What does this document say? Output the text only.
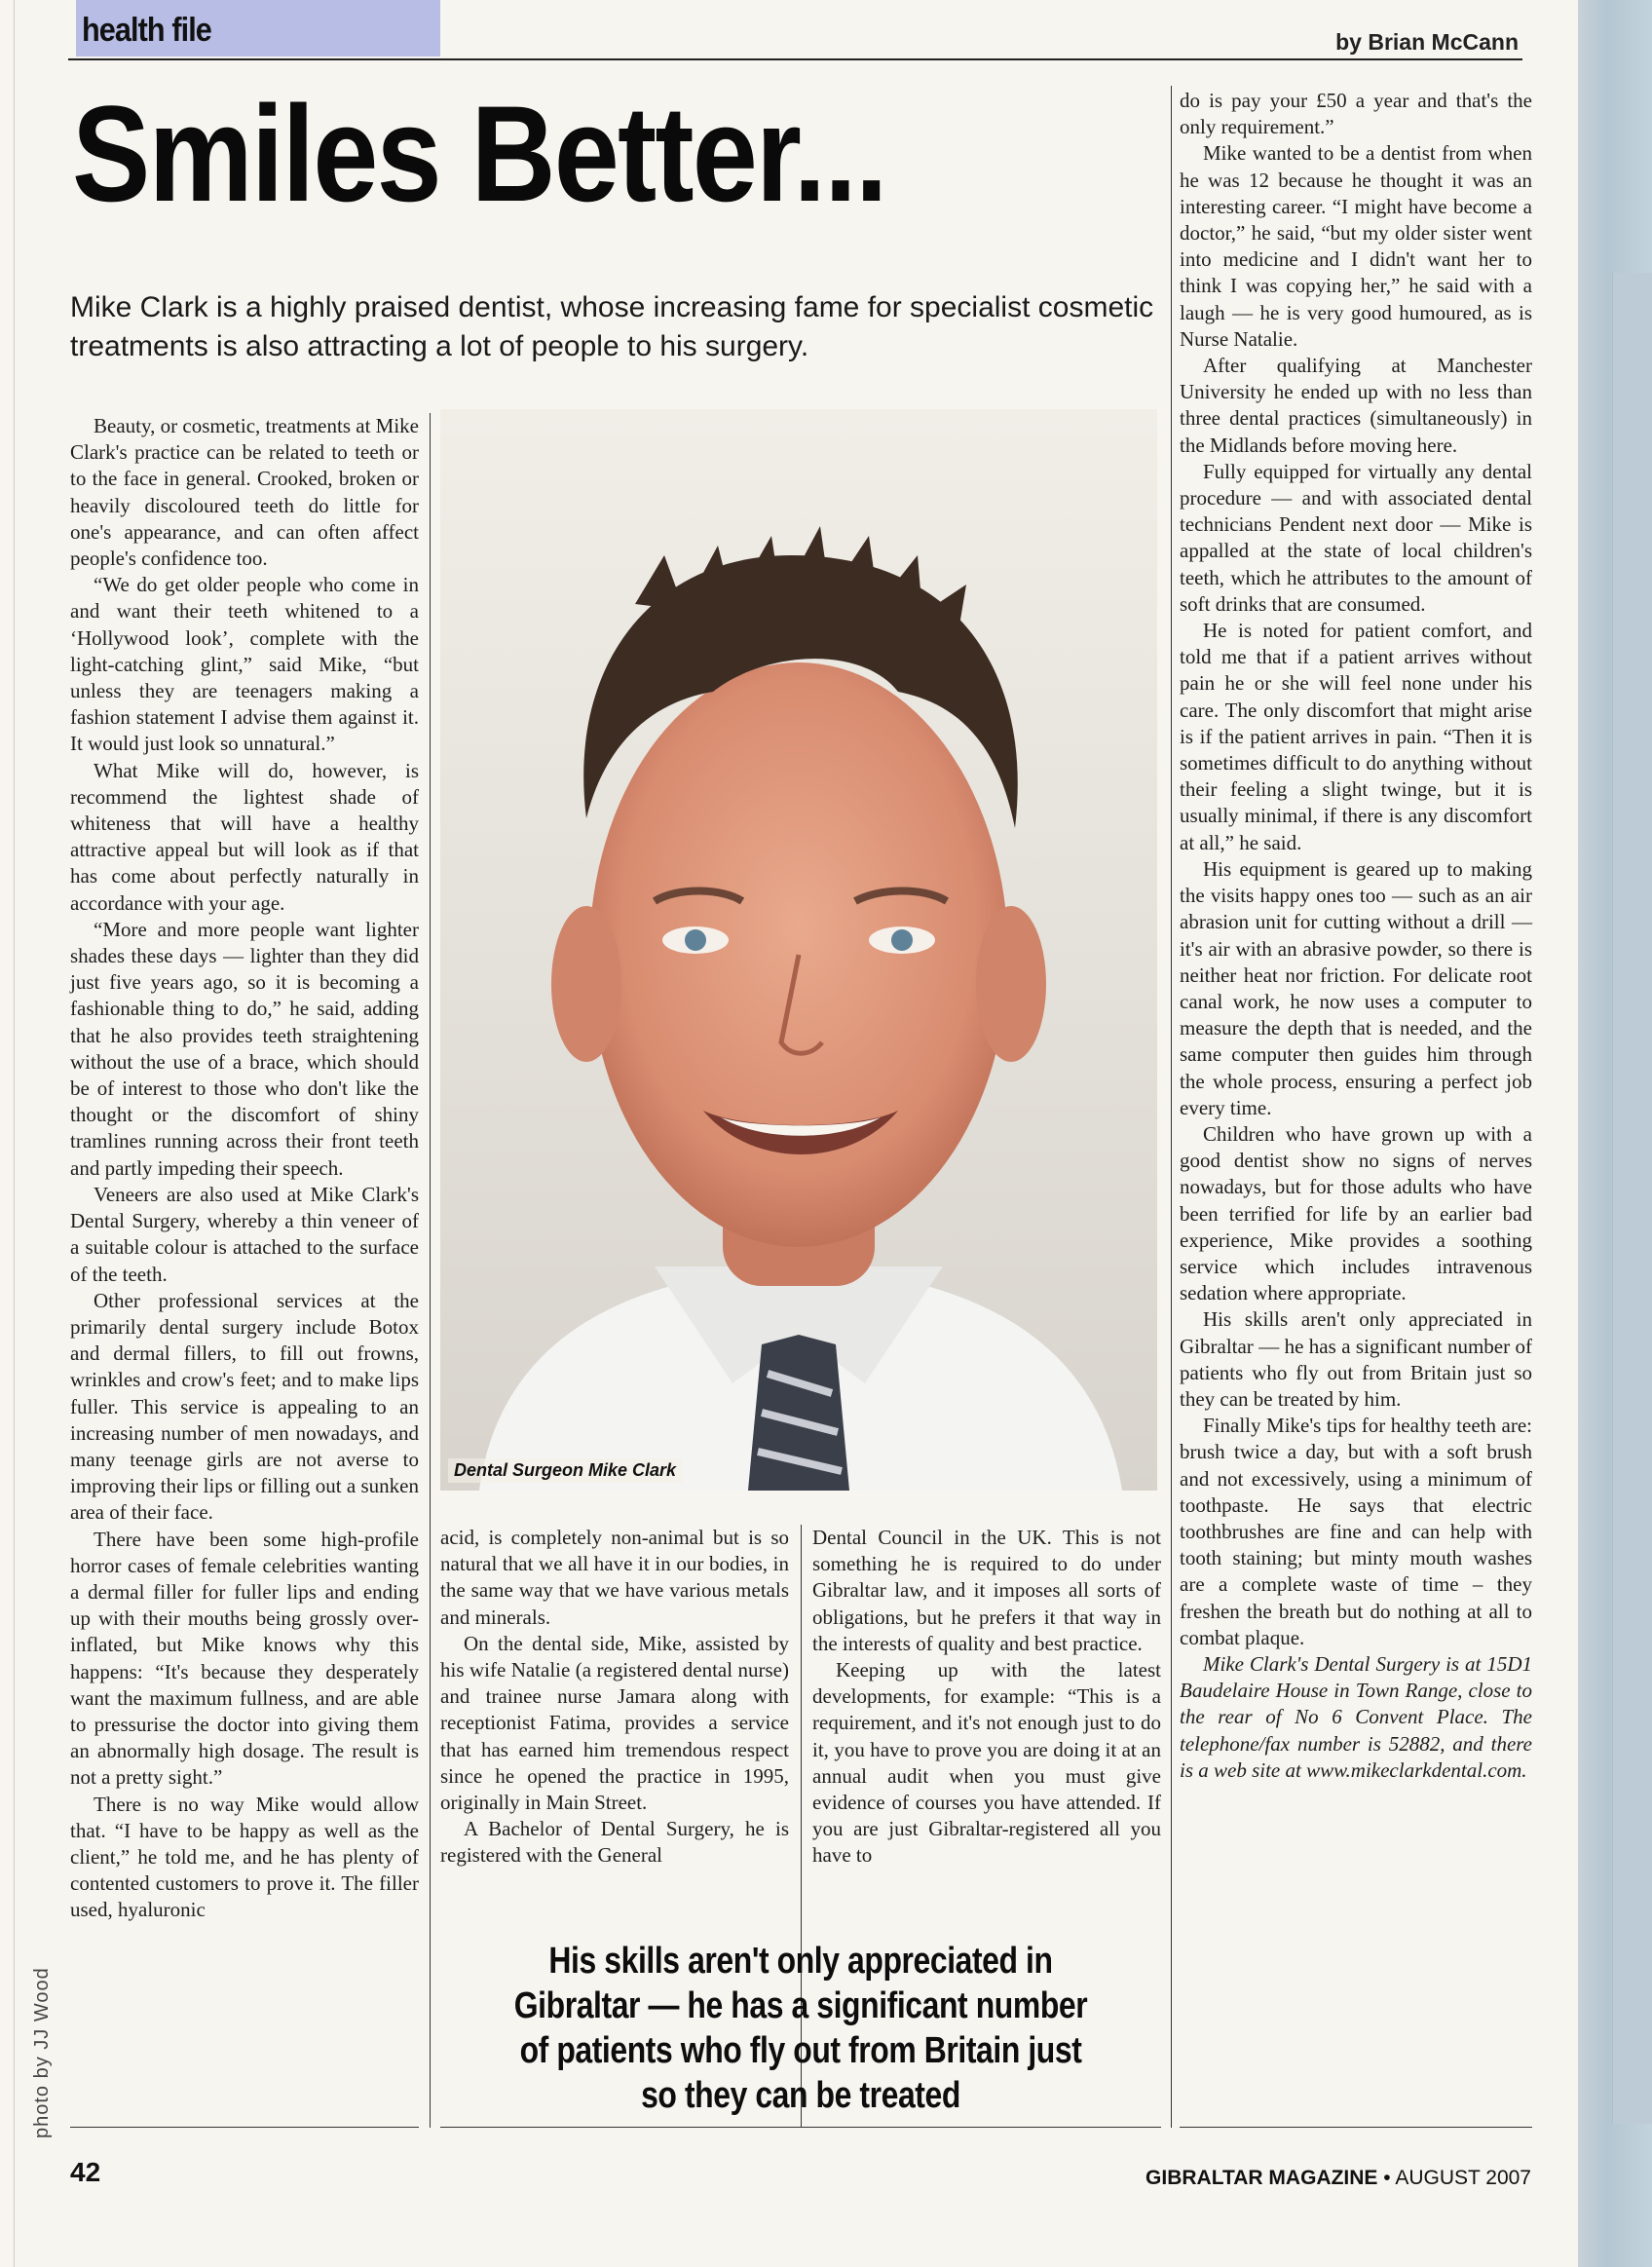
health file	by Brian McCann
Smiles Better...
Mike Clark is a highly praised dentist, whose increasing fame for specialist cosmetic treatments is also attracting a lot of people to his surgery.

Beauty, or cosmetic, treatments at Mike Clark's practice can be related to teeth or to the face in general. Crooked, broken or heavily discoloured teeth do little for one's appearance, and can often affect people's confidence too.

“We do get older people who come in and want their teeth whitened to a ‘Hollywood look’, complete with the light-catching glint,” said Mike, “but unless they are teenagers making a fashion statement I advise them against it. It would just look so unnatural.”

What Mike will do, however, is recommend the lightest shade of whiteness that will have a healthy attractive appeal but will look as if that has come about perfectly naturally in accordance with your age.

“More and more people want lighter shades these days — lighter than they did just five years ago, so it is becoming a fashionable thing to do,” he said, adding that he also provides teeth straightening without the use of a brace, which should be of interest to those who don't like the thought or the discomfort of shiny tramlines running across their front teeth and partly impeding their speech.

Veneers are also used at Mike Clark's Dental Surgery, whereby a thin veneer of a suitable colour is attached to the surface of the teeth.

Other professional services at the primarily dental surgery include Botox and dermal fillers, to fill out frowns, wrinkles and crow's feet; and to make lips fuller. This service is appealing to an increasing number of men nowadays, and many teenage girls are not averse to improving their lips or filling out a sunken area of their face.

There have been some high-profile horror cases of female celebrities wanting a dermal filler for fuller lips and ending up with their mouths being grossly over-inflated, but Mike knows why this happens: “It's because they desperately want the maximum fullness, and are able to pressurise the doctor into giving them an abnormally high dosage. The result is not a pretty sight.”

There is no way Mike would allow that. “I have to be happy as well as the client,” he told me, and he has plenty of contented customers to prove it. The filler used, hyaluronic

Dental Surgeon Mike Clark

acid, is completely non-animal but is so natural that we all have it in our bodies, in the same way that we have various metals and minerals.

On the dental side, Mike, assisted by his wife Natalie (a registered dental nurse) and trainee nurse Jamara along with receptionist Fatima, provides a service that has earned him tremendous respect since he opened the practice in 1995, originally in Main Street.

A Bachelor of Dental Surgery, he is registered with the General

Dental Council in the UK. This is not something he is required to do under Gibraltar law, and it imposes all sorts of obligations, but he prefers it that way in the interests of quality and best practice.

Keeping up with the latest developments, for example: “This is a requirement, and it's not enough just to do it, you have to prove you are doing it at an annual audit when you must give evidence of courses you have attended. If you are just Gibraltar-registered all you have to

do is pay your £50 a year and that's the only requirement.”

Mike wanted to be a dentist from when he was 12 because he thought it was an interesting career. “I might have become a doctor,” he said, “but my older sister went into medicine and I didn't want her to think I was copying her,” he said with a laugh — he is very good humoured, as is Nurse Natalie.

After qualifying at Manchester University he ended up with no less than three dental practices (simultaneously) in the Midlands before moving here.

Fully equipped for virtually any dental procedure — and with associated dental technicians Pendent next door — Mike is appalled at the state of local children's teeth, which he attributes to the amount of soft drinks that are consumed.

He is noted for patient comfort, and told me that if a patient arrives without pain he or she will feel none under his care. The only discomfort that might arise is if the patient arrives in pain. “Then it is sometimes difficult to do anything without their feeling a slight twinge, but it is usually minimal, if there is any discomfort at all,” he said.

His equipment is geared up to making the visits happy ones too — such as an air abrasion unit for cutting without a drill — it's air with an abrasive powder, so there is neither heat nor friction. For delicate root canal work, he now uses a computer to measure the depth that is needed, and the same computer then guides him through the whole process, ensuring a perfect job every time.

Children who have grown up with a good dentist show no signs of nerves nowadays, but for those adults who have been terrified for life by an earlier bad experience, Mike provides a soothing service which includes intravenous sedation where appropriate.

His skills aren't only appreciated in Gibraltar — he has a significant number of patients who fly out from Britain just so they can be treated by him.

Finally Mike's tips for healthy teeth are: brush twice a day, but with a soft brush and not excessively, using a minimum of toothpaste. He says that electric toothbrushes are fine and can help with tooth staining; but minty mouth washes are a complete waste of time – they freshen the breath but do nothing at all to combat plaque.

Mike Clark's Dental Surgery is at 15D1 Baudelaire House in Town Range, close to the rear of No 6 Convent Place. The telephone/fax number is 52882, and there is a web site at www.mikeclarkdental.com.

photo by JJ Wood
His skills aren't only appreciated in Gibraltar — he has a significant number of patients who fly out from Britain just so they can be treated
42	GIBRALTAR MAGAZINE • AUGUST 2007
